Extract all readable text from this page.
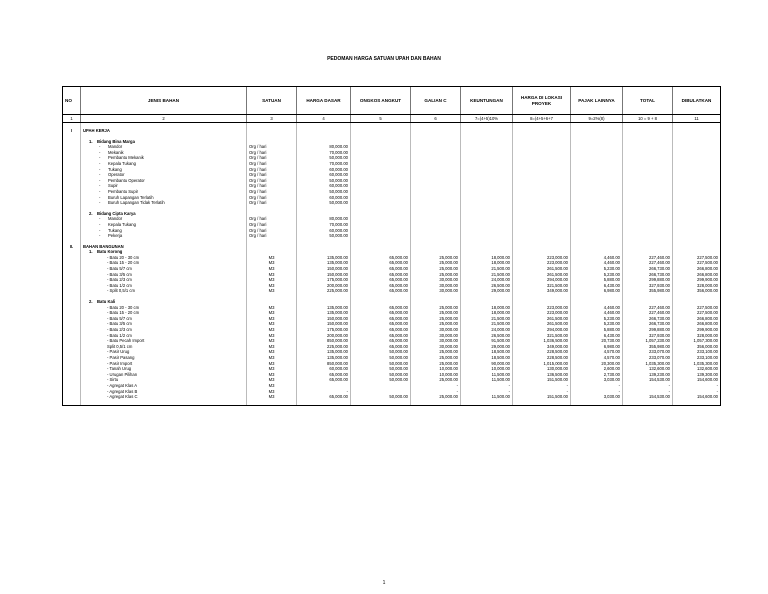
PEDOMAN HARGA SATUAN UPAH DAN BAHAN
NO	JENIS BAHAN	SATUAN	HARGA DASAR	ONGKOS ANGKUT	GALIAN C	KEUNTUNGAN	HARGA DI LOKASI
PROYEK	PAJAK LAINNYA	TOTAL	DIBULATKAN
1	2	3	4	5	6	7=(4+5)10%	8=(4+5+6+7	9=2%(8)	10 = 9 + 8	11

I	UPAH KERJA									

	1. Bidang Bina Marga									
	- Mandor	Org / hari	80,000.00							
	- Mekanik	Org / hari	70,000.00							
	- Pembantu Mekanik	Org / hari	50,000.00							
	- Kepala Tukang	Org / hari	70,000.00							
	- Tukang	Org / hari	60,000.00							
	- Operator	Org / hari	60,000.00							
	- Pembantu Operator	Org / hari	50,000.00							
	- Supir	Org / hari	60,000.00							
	- Pembantu Supir	Org / hari	50,000.00							
	- Buruh Lapangan Terlatih	Org / hari	60,000.00							
	- Buruh Lapangan Tidak Terlatih	Org / hari	50,000.00							

	2. Bidang Cipta Karya									
	- Mandor	Org / hari	80,000.00							
	- Kepala Tukang	Org / hari	70,000.00							
	- Tukang	Org / hari	60,000.00							
	- Pekerja	Org / hari	50,000.00							

II.	BAHAN BANGUNAN									
	1. Batu Korong									
	- Batu 20 - 30 cm	M3	135,000.00	65,000.00	25,000.00	18,000.00	223,000.00	4,460.00	227,460.00	227,500.00
	- Batu 15 - 20 cm	M3	135,000.00	65,000.00	25,000.00	18,000.00	223,000.00	4,460.00	227,460.00	227,500.00
	- Batu 5/7 cm	M3	150,000.00	65,000.00	25,000.00	21,500.00	261,500.00	5,230.00	266,730.00	266,800.00
	- Batu 3/5 cm	M3	150,000.00	65,000.00	25,000.00	21,500.00	261,500.00	5,230.00	266,730.00	266,800.00
	- Batu 2/3 cm	M3	175,000.00	65,000.00	30,000.00	24,000.00	294,000.00	5,880.00	299,880.00	299,900.00
	- Batu 1/2 cm	M3	200,000.00	65,000.00	30,000.00	26,500.00	321,500.00	6,430.00	327,930.00	328,000.00
	- Split 0,5/1 cm	M3	225,000.00	65,000.00	30,000.00	29,000.00	349,000.00	6,980.00	355,980.00	356,000.00

	2. Batu Kali									
	- Batu 20 - 30 cm	M3	135,000.00	65,000.00	25,000.00	18,000.00	223,000.00	4,460.00	227,460.00	227,500.00
	- Batu 15 - 20 cm	M3	135,000.00	65,000.00	25,000.00	18,000.00	223,000.00	4,460.00	227,460.00	227,500.00
	- Batu 5/7 cm	M3	150,000.00	65,000.00	25,000.00	21,500.00	261,500.00	5,230.00	266,730.00	266,800.00
	- Batu 3/5 cm	M3	150,000.00	65,000.00	25,000.00	21,500.00	261,500.00	5,230.00	266,730.00	266,800.00
	- Batu 2/3 cm	M3	175,000.00	65,000.00	30,000.00	24,000.00	294,000.00	5,880.00	299,880.00	299,900.00
	- Batu 1/2 cm	M3	200,000.00	65,000.00	30,000.00	26,500.00	321,500.00	6,430.00	327,930.00	328,000.00
	- Batu Pecah Import	M3	850,000.00	65,000.00	30,000.00	91,500.00	1,036,500.00	20,730.00	1,057,230.00	1,057,300.00
	Split 0,5/1 cm	M3	225,000.00	65,000.00	30,000.00	29,000.00	349,000.00	6,980.00	355,980.00	356,000.00
	- Pasir Urug	M3	135,000.00	50,000.00	25,000.00	18,500.00	228,500.00	4,570.00	233,070.00	233,100.00
	- Pasir Pasang	M3	135,000.00	50,000.00	25,000.00	18,500.00	228,500.00	4,570.00	233,070.00	233,100.00
	- Pasir Import	M3	850,000.00	50,000.00	25,000.00	90,000.00	1,015,000.00	20,300.00	1,035,300.00	1,035,300.00
	- Tanah Urug	M3	60,000.00	50,000.00	10,000.00	10,000.00	130,000.00	2,600.00	132,600.00	132,600.00
	- Urugan Pilihan	M3	65,000.00	50,000.00	10,000.00	11,500.00	136,500.00	2,730.00	139,230.00	139,300.00
	- Sirtu	M3	65,000.00	50,000.00	25,000.00	11,500.00	151,500.00	3,030.00	154,530.00	154,600.00
	- Agregat Klas A	M3			-	-	-	-	-	-
	- Agregat Klas B	M3	-		-	-	-	-	-	-
	- Agregat Klas C	M3	65,000.00	50,000.00	25,000.00	11,500.00	151,500.00	3,030.00	154,530.00	154,600.00

1
